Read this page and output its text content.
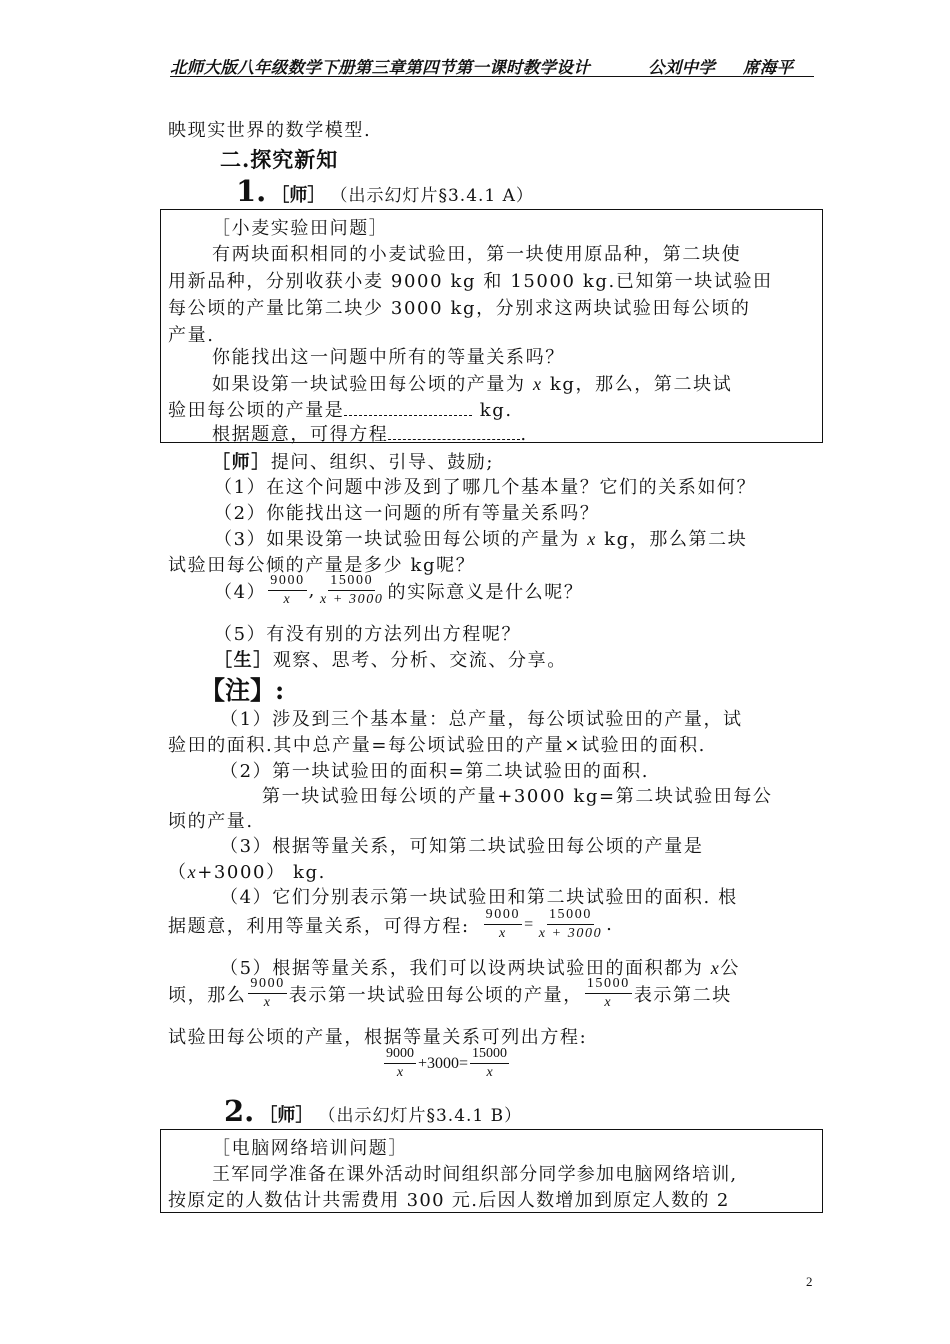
北师大版八年级数学下册第三章第四节第一课时教学设计	公刘中学 席海平
映现实世界的数学模型.
二.探究新知
1. ［师］ （出示幻灯片§3.4.1 A）
［小麦实验田问题］
有两块面积相同的小麦试验田，第一块使用原品种，第二块使
用新品种，分别收获小麦 9000 kg 和 15000 kg.已知第一块试验田
每公顷的产量比第二块少 3000 kg，分别求这两块试验田每公顷的
产量.
你能找出这一问题中所有的等量关系吗？
如果设第一块试验田每公顷的产量为 x kg，那么，第二块试
验田每公顷的产量是	kg.
根据题意，可得方程	.
［师］提问、组织、引导、鼓励;
（1）在这个问题中涉及到了哪几个基本量？它们的关系如何？
（2）你能找出这一问题的所有等量关系吗？
（3）如果设第一块试验田每公顷的产量为 x kg，那么第二块
试验田每公倾的产量是多少 kg呢？
$(4) \frac{9000}{x}$ , $\frac{15000}{x + 3000}$ 的实际意义是什么呢？
（5）有没有别的方法列出方程呢？
［生］观察、思考、分析、交流、分享。
【注】:
（1）涉及到三个基本量：总产量，每公顷试验田的产量，试
验田的面积.其中总产量=每公顷试验田的产量×试验田的面积.
（2）第一块试验田的面积=第二块试验田的面积.
第一块试验田每公顷的产量+3000 kg=第二块试验田每公
顷的产量.
（3）根据等量关系，可知第二块试验田每公顷的产量是
（x+3000） kg.
（4）它们分别表示第一块试验田和第二块试验田的面积. 根
据题意，利用等量关系，可得方程: $\frac{9000}{x} = \frac{15000}{x + 3000}$ .
（5）根据等量关系，我们可以设两块试验田的面积都为 x公
顷，那么 $\frac{9000}{x}$ 表示第一块试验田每公顷的产量， $\frac{15000}{x}$ 表示第二块
试验田每公顷的产量，根据等量关系可列出方程:
$\frac{9000}{x} +3000= \frac{15000}{x}$
2. ［师］ （出示幻灯片§3.4.1 B）
［电脑网络培训问题］
王军同学准备在课外活动时间组织部分同学参加电脑网络培训,
按原定的人数估计共需费用 300 元.后因人数增加到原定人数的 2
2
